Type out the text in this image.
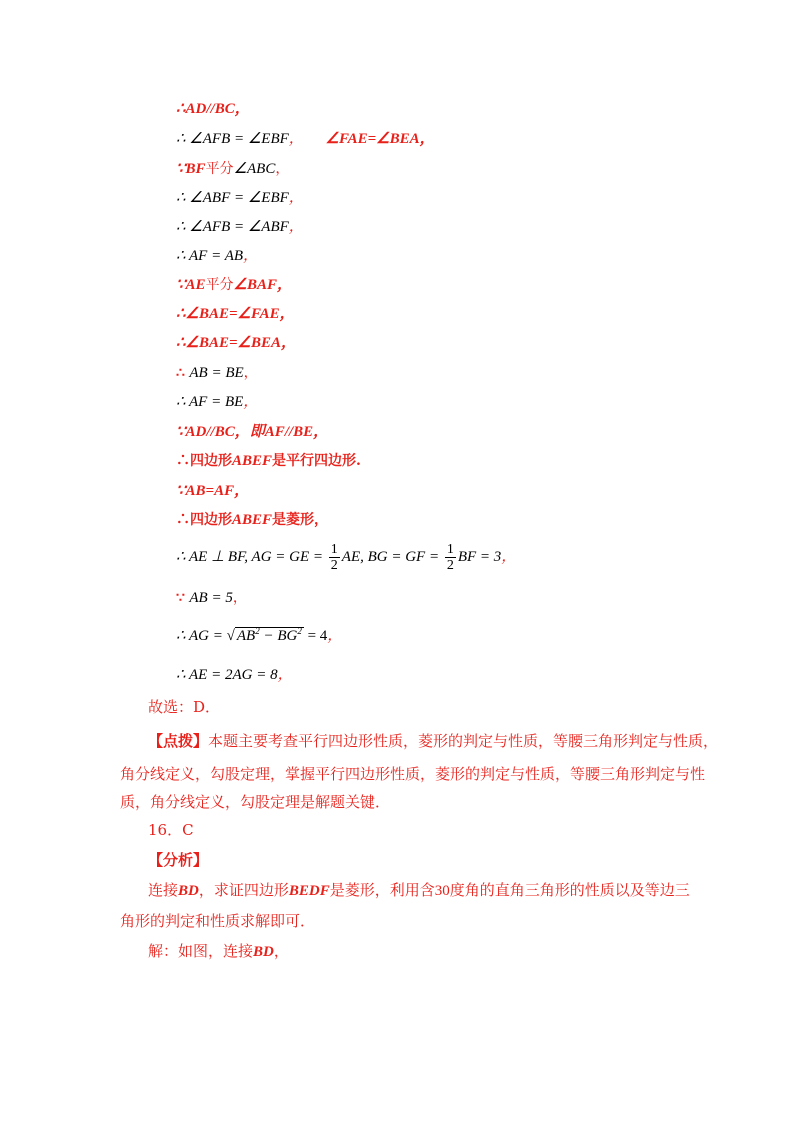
∴AD//BC，
∴ ∠AFB = ∠EBF， ∠FAE=∠BEA，
∵BF平分∠ABC，
∴ ∠ABF = ∠EBF，
∴ ∠AFB = ∠ABF，
∴ AF = AB，
∵AE平分∠BAF，
∴∠BAE=∠FAE，
∴∠BAE=∠BEA，
∴ AB = BE，
∴ AF = BE，
∵AD//BC，即AF//BE，
∴四边形ABEF是平行四边形.
∵AB=AF，
∴四边形ABEF是菱形，
∴ AE ⊥ BF, AG = GE = $\frac{1}{2}$ AE, BG = GF = $\frac{1}{2}$ BF = 3，
∵ AB = 5，
∴ AG = √ $AB^2 - BG^2 = 4$，
∴ AE = 2AG = 8，
故选：D．
【点拨】本题主要考查平行四边形性质，菱形的判定与性质，等腰三角形判定与性质，
角分线定义，勾股定理，掌握平行四边形性质，菱形的判定与性质，等腰三角形判定与性
质，角分线定义，勾股定理是解题关键．
16．C
【分析】
连接BD，求证四边形BEDF是菱形，利用含30度角的直角三角形的性质以及等边三
角形的判定和性质求解即可．
解：如图，连接BD，
